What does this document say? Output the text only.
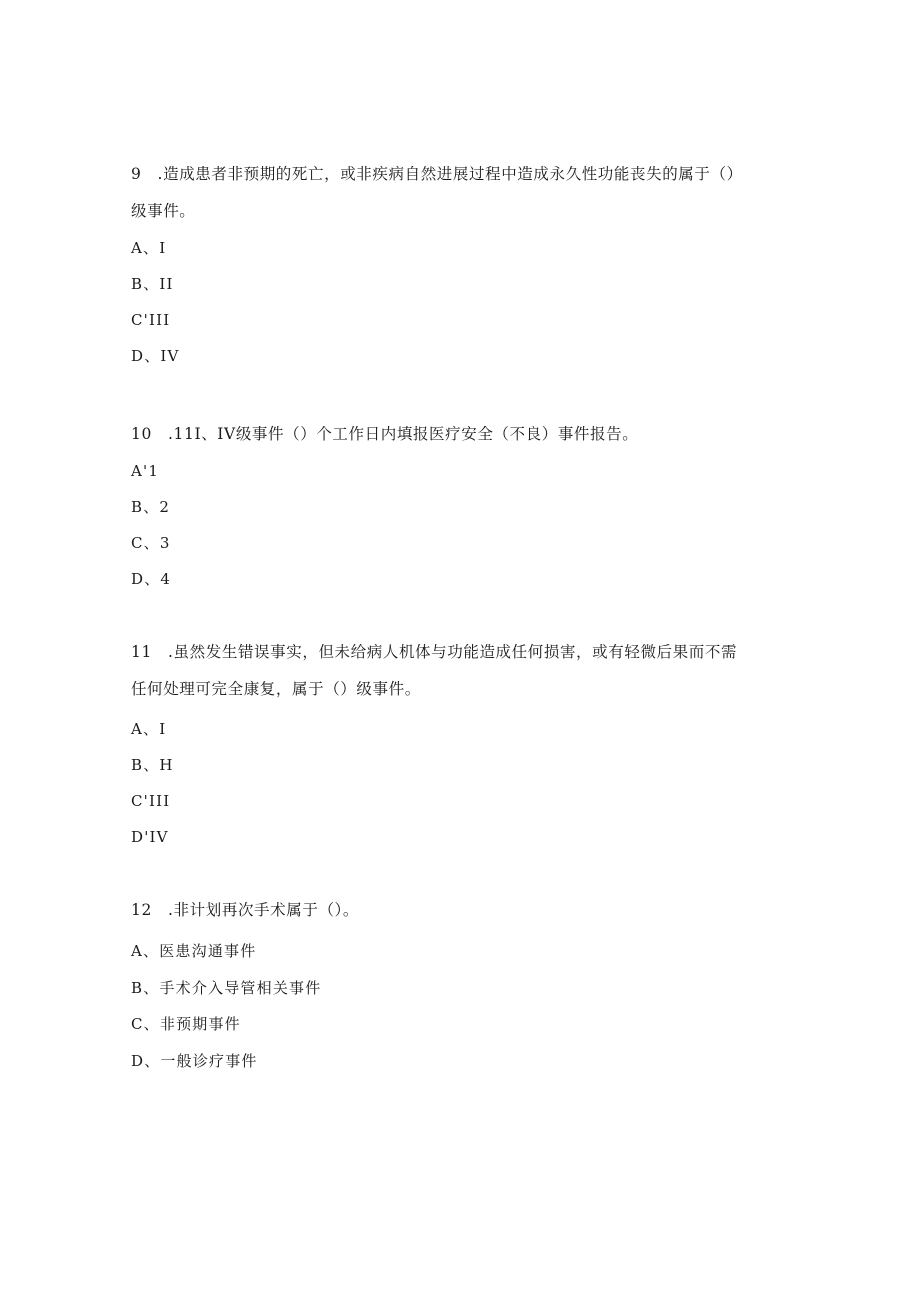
9　.造成患者非预期的死亡，或非疾病自然进展过程中造成永久性功能丧失的属于（）
级事件。
A、I
B、II
C'III
D、IV
10　.11I、IV级事件（）个工作日内填报医疗安全（不良）事件报告。
A'1
B、2
C、3
D、4
11　.虽然发生错误事实，但未给病人机体与功能造成任何损害，或有轻微后果而不需
任何处理可完全康复，属于（）级事件。
A、I
B、H
C'III
D'IV
12　.非计划再次手术属于（）。
A、医患沟通事件
B、手术介入导管相关事件
C、非预期事件
D、一般诊疗事件
